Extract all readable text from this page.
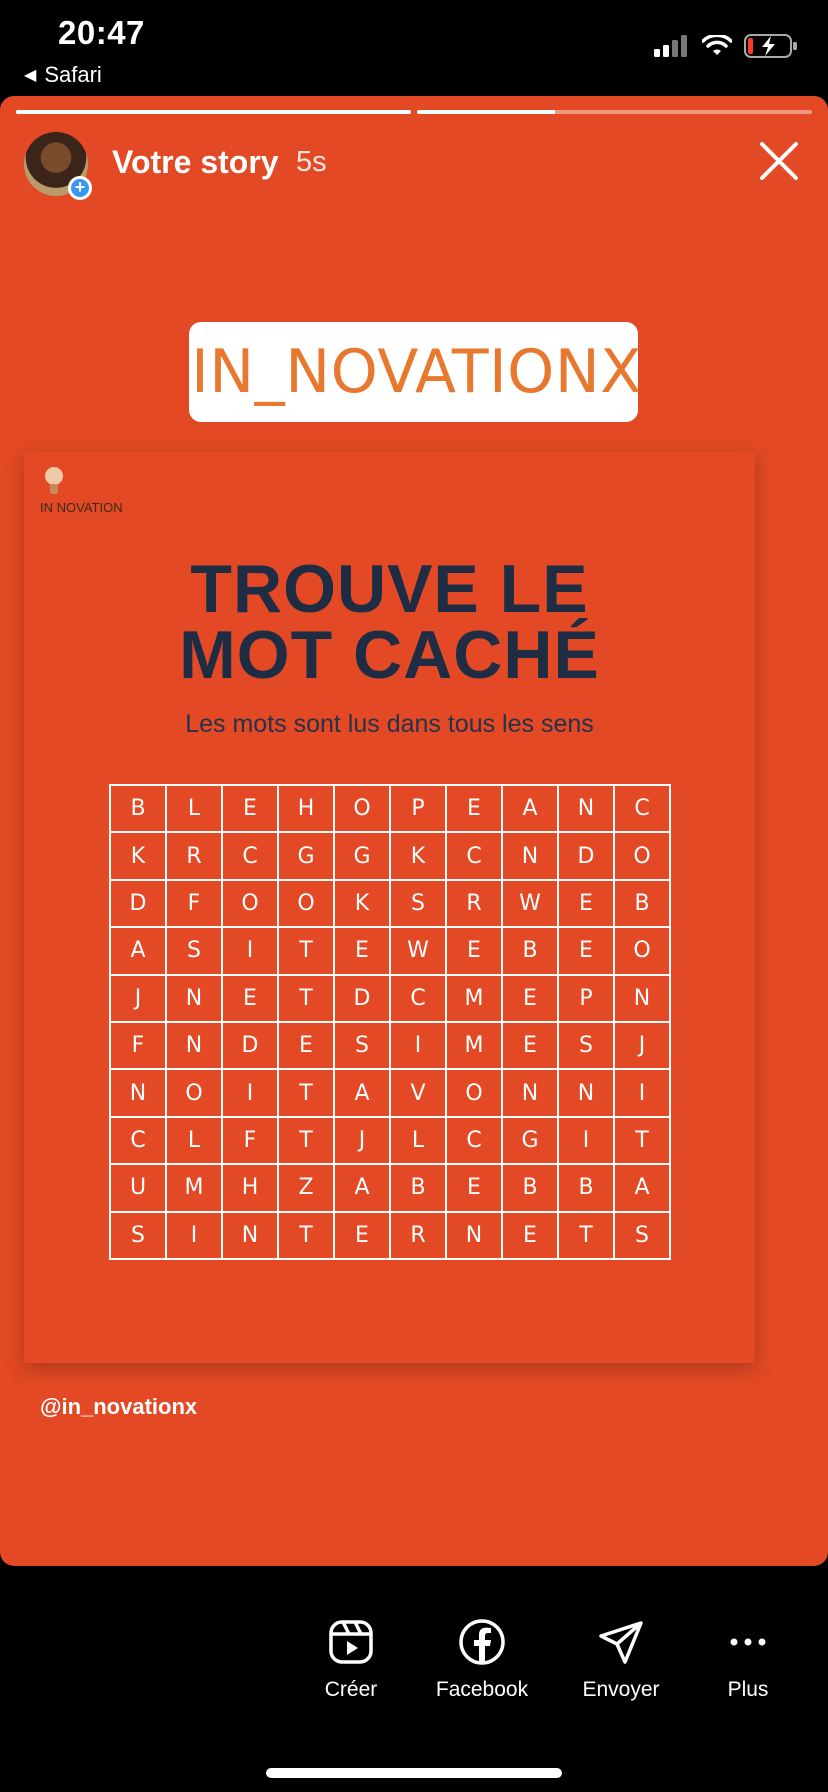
20:47
◀ Safari
+
Votre story 5s
IN_NOVATIONX
IN NOVATION
TROUVE LE
MOT CACHÉ
Les mots sont lus dans tous les sens
B	L	E	H	O	P	E	A	N	C
K	R	C	G	G	K	C	N	D	O
D	F	O	O	K	S	R	W	E	B
A	S	I	T	E	W	E	B	E	O
J	N	E	T	D	C	M	E	P	N
F	N	D	E	S	I	M	E	S	J
N	O	I	T	A	V	O	N	N	I
C	L	F	T	J	L	C	G	I	T
U	M	H	Z	A	B	E	B	B	A
S	I	N	T	E	R	N	E	T	S
@in_novationx
Créer	Facebook	Envoyer	Plus
